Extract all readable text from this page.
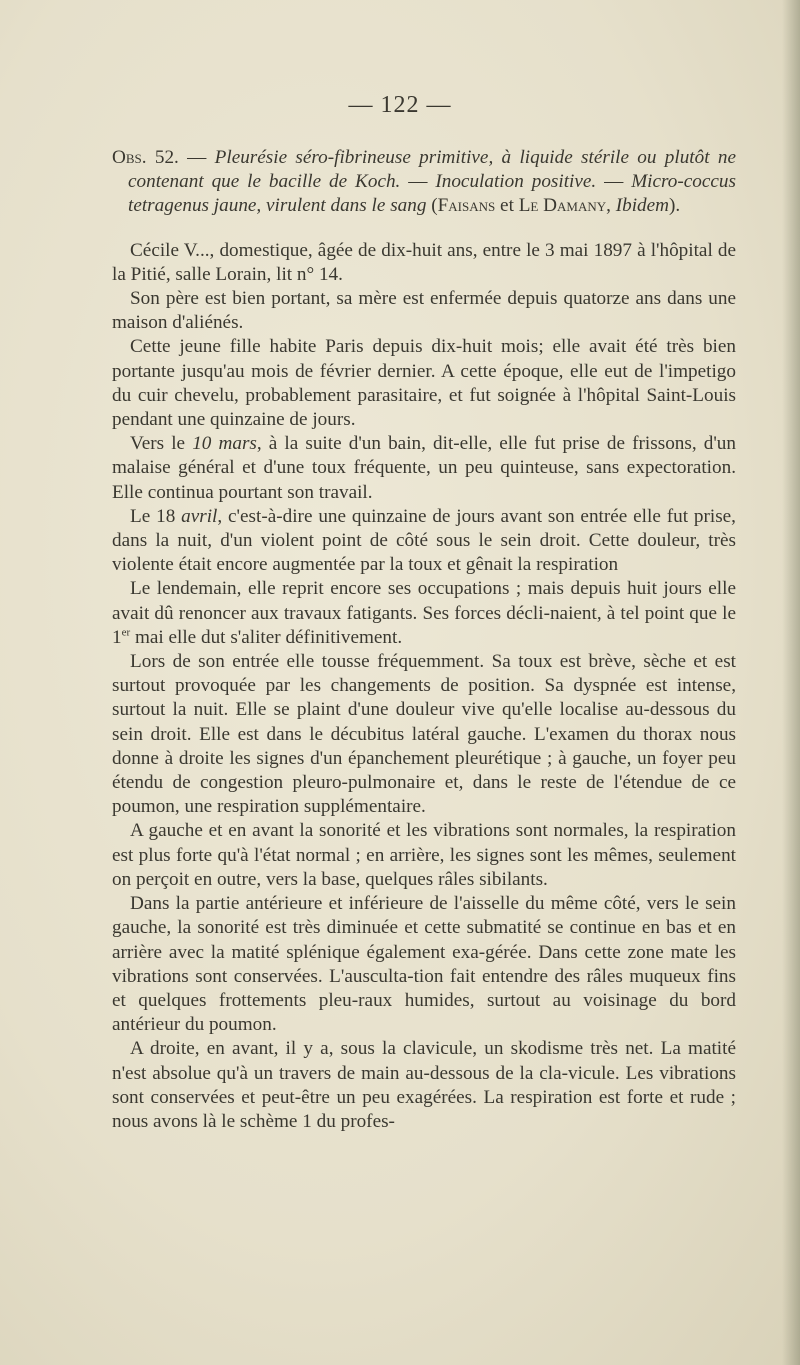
— 122 —

Obs. 52. — Pleurésie séro-fibrineuse primitive, à liquide stérile ou plutôt ne contenant que le bacille de Koch. — Inoculation positive. — Micro-coccus tetragenus jaune, virulent dans le sang (Faisans et Le Damany, Ibidem).

Cécile V..., domestique, âgée de dix-huit ans, entre le 3 mai 1897 à l'hôpital de la Pitié, salle Lorain, lit n° 14.

Son père est bien portant, sa mère est enfermée depuis quatorze ans dans une maison d'aliénés.

Cette jeune fille habite Paris depuis dix-huit mois; elle avait été très bien portante jusqu'au mois de février dernier. A cette époque, elle eut de l'impetigo du cuir chevelu, probablement parasitaire, et fut soignée à l'hôpital Saint-Louis pendant une quinzaine de jours.

Vers le 10 mars, à la suite d'un bain, dit-elle, elle fut prise de frissons, d'un malaise général et d'une toux fréquente, un peu quinteuse, sans expectoration. Elle continua pourtant son travail.

Le 18 avril, c'est-à-dire une quinzaine de jours avant son entrée elle fut prise, dans la nuit, d'un violent point de côté sous le sein droit. Cette douleur, très violente était encore augmentée par la toux et gênait la respiration

Le lendemain, elle reprit encore ses occupations ; mais depuis huit jours elle avait dû renoncer aux travaux fatigants. Ses forces décli-naient, à tel point que le 1er mai elle dut s'aliter définitivement.

Lors de son entrée elle tousse fréquemment. Sa toux est brève, sèche et est surtout provoquée par les changements de position. Sa dyspnée est intense, surtout la nuit. Elle se plaint d'une douleur vive qu'elle localise au-dessous du sein droit. Elle est dans le décubitus latéral gauche. L'examen du thorax nous donne à droite les signes d'un épanchement pleurétique ; à gauche, un foyer peu étendu de congestion pleuro-pulmonaire et, dans le reste de l'étendue de ce poumon, une respiration supplémentaire.

A gauche et en avant la sonorité et les vibrations sont normales, la respiration est plus forte qu'à l'état normal ; en arrière, les signes sont les mêmes, seulement on perçoit en outre, vers la base, quelques râles sibilants.

Dans la partie antérieure et inférieure de l'aisselle du même côté, vers le sein gauche, la sonorité est très diminuée et cette submatité se continue en bas et en arrière avec la matité splénique également exa-gérée. Dans cette zone mate les vibrations sont conservées. L'ausculta-tion fait entendre des râles muqueux fins et quelques frottements pleu-raux humides, surtout au voisinage du bord antérieur du poumon.

A droite, en avant, il y a, sous la clavicule, un skodisme très net. La matité n'est absolue qu'à un travers de main au-dessous de la cla-vicule. Les vibrations sont conservées et peut-être un peu exagérées. La respiration est forte et rude ; nous avons là le schème 1 du profes-
